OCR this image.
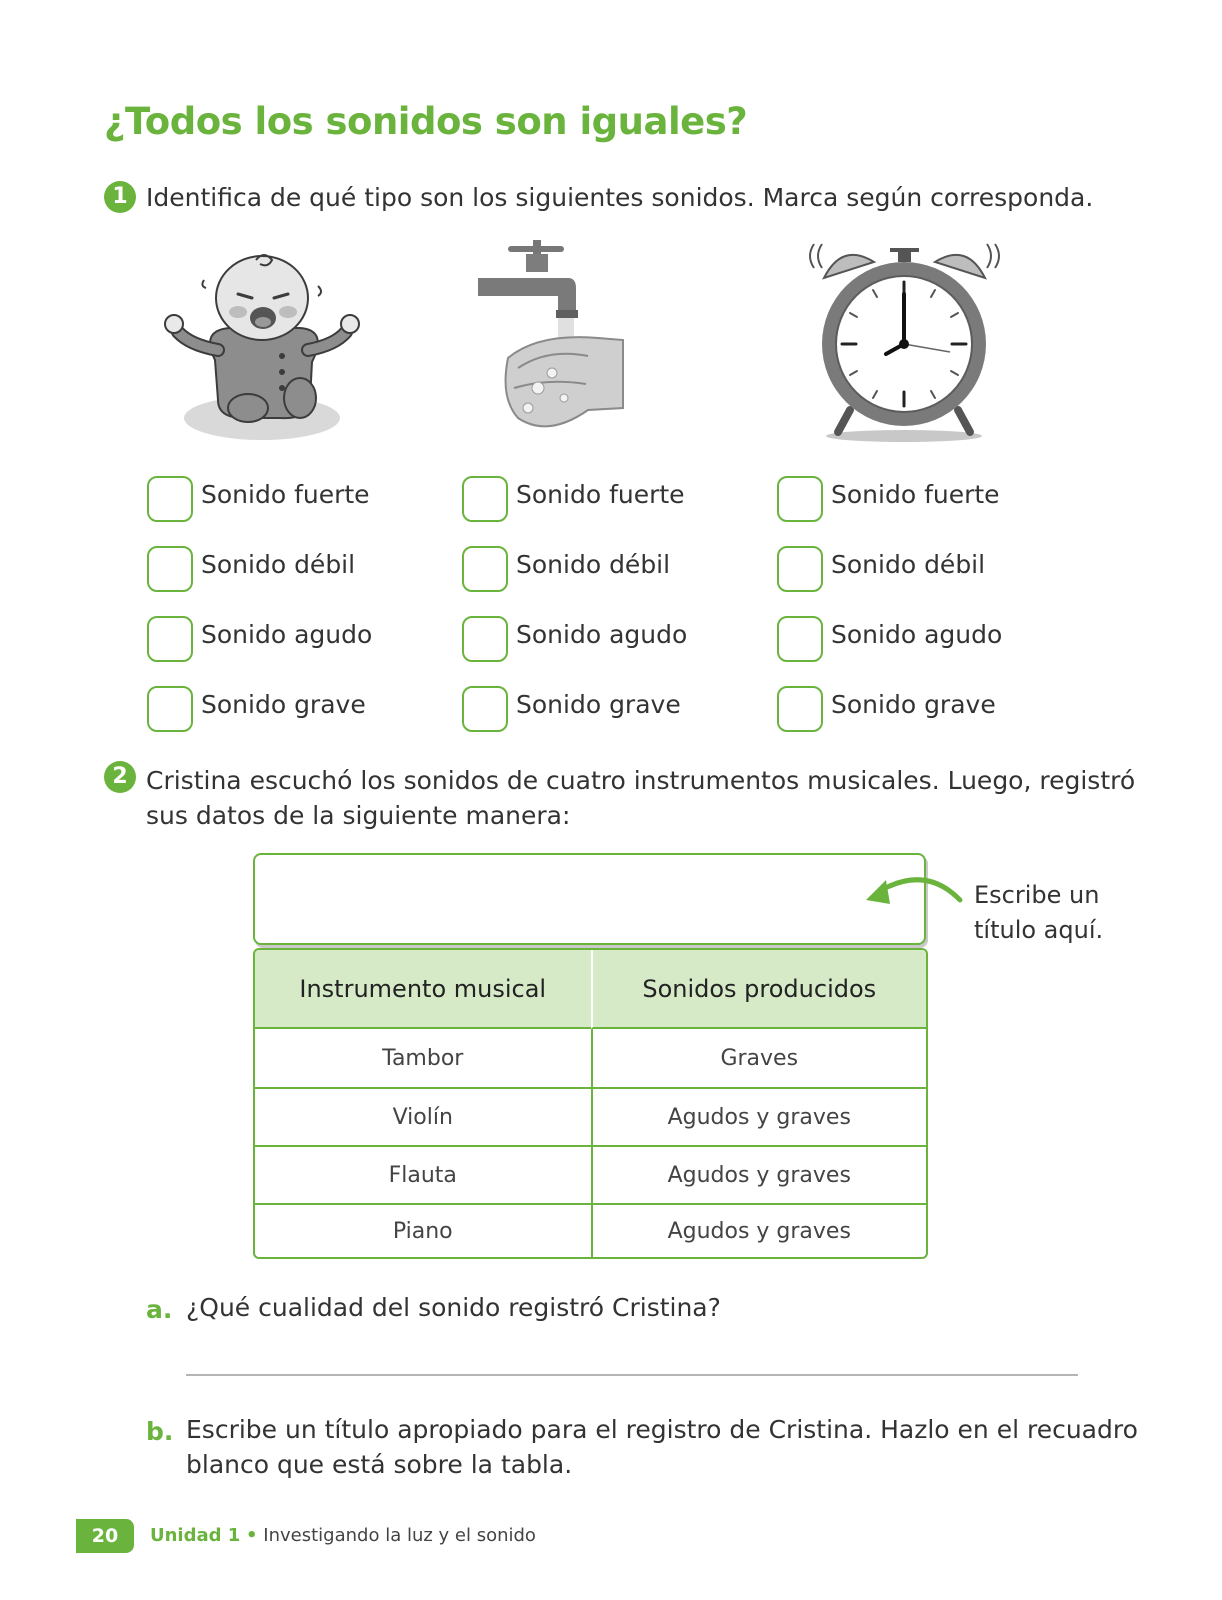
¿Todos los sonidos son iguales?
1 Identifica de qué tipo son los siguientes sonidos. Marca según corresponda.
Sonido fuerte
Sonido débil
Sonido agudo
Sonido grave
Sonido fuerte
Sonido débil
Sonido agudo
Sonido grave
Sonido fuerte
Sonido débil
Sonido agudo
Sonido grave
2 Cristina escuchó los sonidos de cuatro instrumentos musicales. Luego, registró
sus datos de la siguiente manera:
Escribe un
título aquí.
Instrumento musical	Sonidos producidos
Tambor	Graves
Violín	Agudos y graves
Flauta	Agudos y graves
Piano	Agudos y graves
a. ¿Qué cualidad del sonido registró Cristina?
b. Escribe un título apropiado para el registro de Cristina. Hazlo en el recuadro
blanco que está sobre la tabla.
20	Unidad 1 • Investigando la luz y el sonido
